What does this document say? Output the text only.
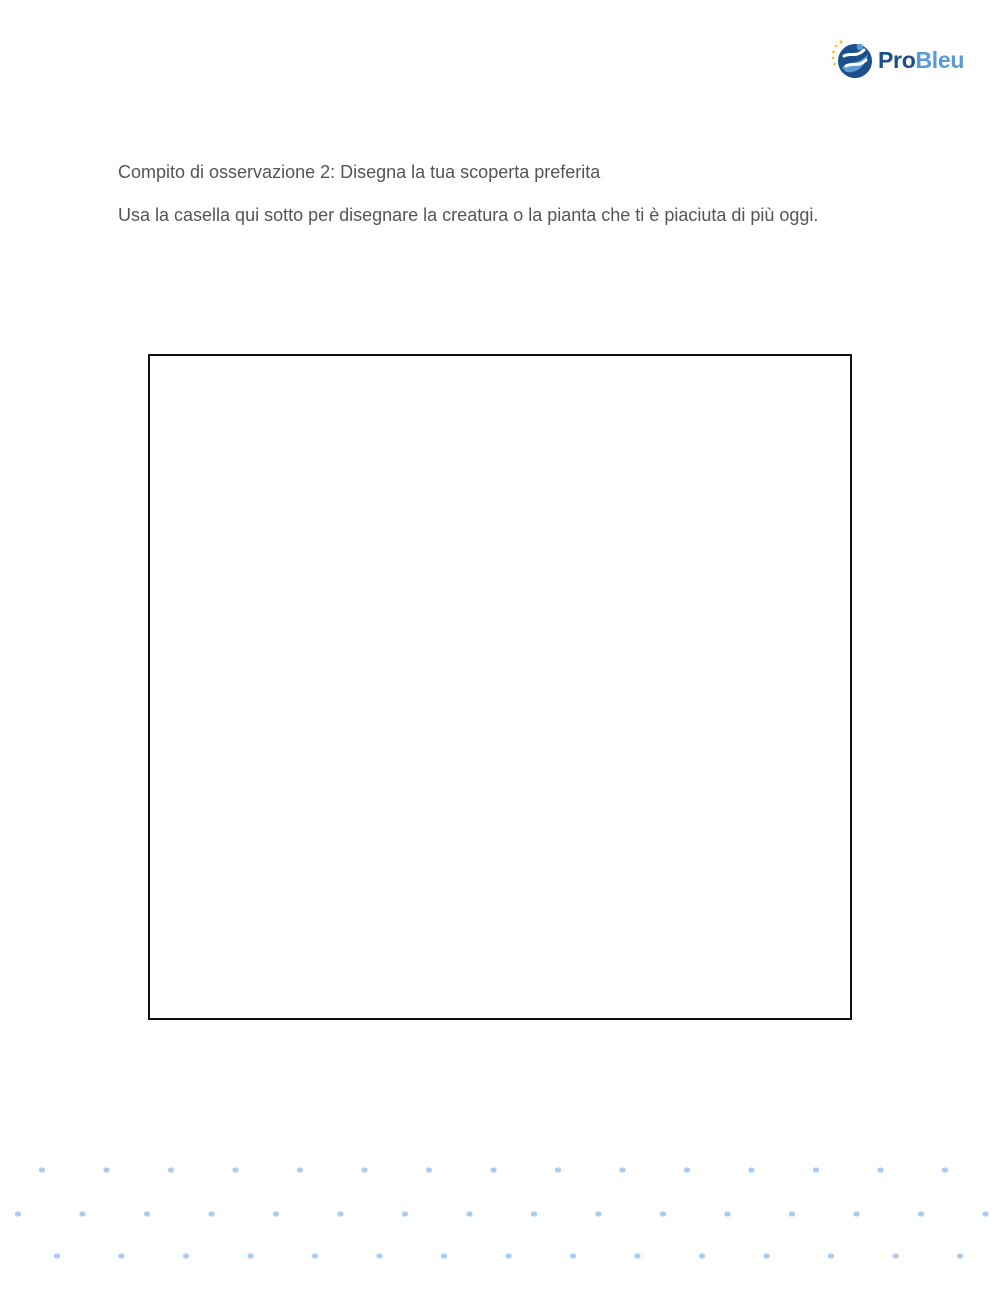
ProBleu
Compito di osservazione 2: Disegna la tua scoperta preferita

Usa la casella qui sotto per disegnare la creatura o la pianta che ti è piaciuta di più oggi.
